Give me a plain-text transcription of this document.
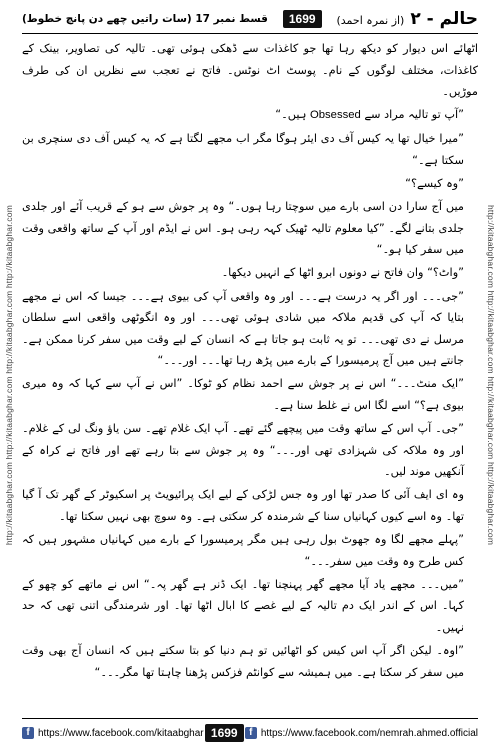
حالم - ۲
(از نمرہ احمد)
1699
قسط نمبر 17 (سات راتیں چھے دن پانچ خطوط)
http://kitaabghar.com http://kitaabghar.com http://kitaabghar.com http://kitaabghar.com	http://kitaabghar.com http://kitaabghar.com http://kitaabghar.com http://kitaabghar.com

اٹھائے اس دیوار کو دیکھ رہا تھا جو کاغذات سے ڈھکی ہوئی تھی۔ تالیہ کی تصاویر، بینک کے کاغذات، مختلف لوگوں کے نام۔ پوسٹ اٹ نوٹس۔ فاتح نے تعجب سے نظریں ان کی طرف موڑیں۔

”آپ تو تالیہ مراد سے Obsessed ہیں۔“

”میرا خیال تھا یہ کیس آف دی ایئر ہوگا مگر اب مجھے لگتا ہے کہ یہ کیس آف دی سنچری بن سکتا ہے۔“

”وہ کیسے؟“

میں آج سارا دن اسی بارے میں سوچتا رہا ہوں۔“ وہ پر جوش سے ہو کے قریب آئے اور جلدی جلدی بتانے لگے۔ ”کیا معلوم تالیہ ٹھیک کہہ رہی ہو۔ اس نے ایڈم اور آپ کے ساتھ واقعی وقت میں سفر کیا ہو۔“

”واٹ؟“ وان فاتح نے دونوں ابرو اٹھا کے انہیں دیکھا۔

”جی۔۔۔ اور اگر یہ درست ہے۔۔۔ اور وہ واقعی آپ کی بیوی ہے۔۔۔ جیسا کہ اس نے مجھے بتایا کہ آپ کی قدیم ملاکہ میں شادی ہوئی تھی۔۔۔ اور وہ انگوٹھی واقعی اسے سلطان مرسل نے دی تھی۔۔۔ تو یہ ثابت ہو جاتا ہے کہ انسان کے لیے وقت میں سفر کرنا ممکن ہے۔ جانتے ہیں میں آج پرمیسورا کے بارے میں پڑھ رہا تھا۔۔۔ اور۔۔۔“

”ایک منٹ۔۔۔“ اس نے پر جوش سے احمد نظام کو ٹوکا۔ ”اس نے آپ سے کہا کہ وہ میری بیوی ہے؟“ اسے لگا اس نے غلط سنا ہے۔

”جی۔ آپ اس کے ساتھ وقت میں پیچھے گئے تھے۔ آپ ایک غلام تھے۔ سن یاؤ ونگ لی کے غلام۔ اور وہ ملاکہ کی شہزادی تھی اور۔۔۔“ وہ پر جوش سے بتا رہے تھے اور فاتح نے کراہ کے آنکھیں موند لیں۔

وہ ای ایف آئی کا صدر تھا اور وہ جس لڑکی کے لیے ایک پرائیویٹ پر اسکیوٹر کے گھر تک آ گیا تھا۔ وہ اسے کیوں کہانیاں سنا کے شرمندہ کر سکتی ہے۔ وہ سوچ بھی نہیں سکتا تھا۔

”پہلے مجھے لگا وہ جھوٹ بول رہی ہیں مگر پرمیسورا کے بارے میں کہانیاں مشہور ہیں کہ کس طرح وہ وقت میں سفر۔۔۔“

”میں۔۔۔ مجھے یاد آیا مجھے گھر پہنچنا تھا۔ ایک ڈنر ہے گھر پہ۔“ اس نے ماتھے کو چھو کے کہا۔ اس کے اندر ایک دم تالیہ کے لیے غصے کا ابال اٹھا تھا۔ اور شرمندگی اتنی تھی کہ حد نہیں۔

”اوہ۔ لیکن اگر آپ اس کیس کو اٹھائیں تو ہم دنیا کو بتا سکتے ہیں کہ انسان آج بھی وقت میں سفر کر سکتا ہے۔ میں ہمیشہ سے کوانٹم فزکس پڑھنا چاہتا تھا مگر۔۔۔“

f https://www.facebook.com/kitaabghar 1699	f https://www.facebook.com/nemrah.ahmed.official
